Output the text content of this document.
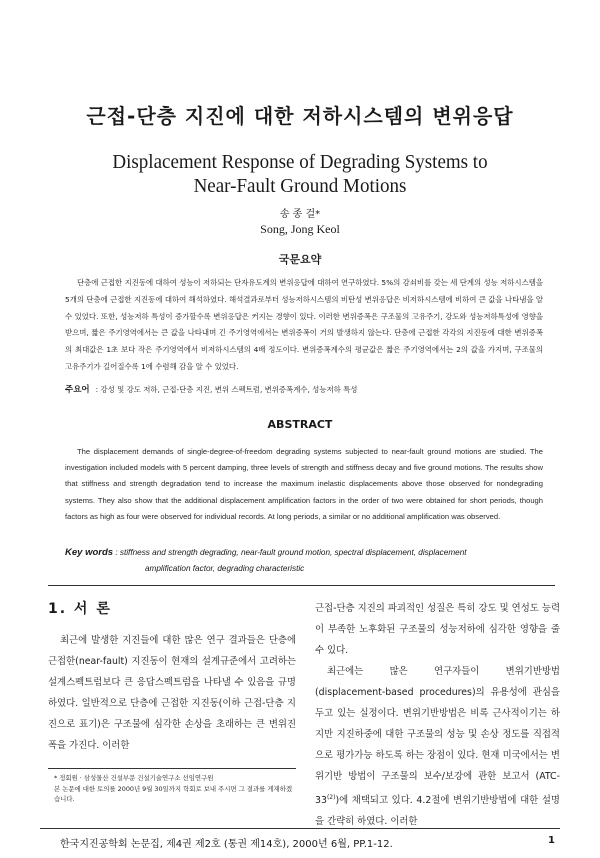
근접-단층 지진에 대한 저하시스템의 변위응답
Displacement Response of Degrading Systems to
Near-Fault Ground Motions
송 종 걸*
Song, Jong Keol
국문요약
단층에 근접한 지진동에 대하여 성능이 저하되는 단자유도계의 변위응답에 대하여 연구하였다. 5%의 감쇠비를 갖는 세 단계의 성능 저하시스템을 5개의 단층에 근접한 지진동에 대하여 해석하였다. 해석결과로부터 성능저하시스템의 비탄성 변위응답은 비저하시스템에 비하여 큰 값을 나타냄을 알 수 있었다. 또한, 성능저하 특성이 증가할수록 변위응답은 커지는 경향이 있다. 이러한 변위증폭은 구조물의 고유주기, 강도와 성능저하특성에 영향을 받으며, 짧은 주기영역에서는 큰 값을 나타내며 긴 주기영역에서는 변위증폭이 거의 발생하지 않는다. 단층에 근접한 각각의 지진동에 대한 변위증폭의 최대값은 1초 보다 작은 주기영역에서 비저하시스템의 4배 정도이다. 변위증폭계수의 평균값은 짧은 주기영역에서는 2의 값을 가지며, 구조물의 고유주기가 길어질수록 1에 수렴해 감을 알 수 있었다.
주요어 : 강성 및 강도 저하, 근접-단층 지진, 변위 스펙트럼, 변위증폭계수, 성능저하 특성
ABSTRACT
The displacement demands of single-degree-of-freedom degrading systems subjected to near-fault ground motions are studied. The investigation included models with 5 percent damping, three levels of strength and stiffness decay and five ground motions. The results show that stiffness and strength degradation tend to increase the maximum inelastic displacements above those observed for nondegrading systems. They also show that the additional displacement amplification factors in the order of two were obtained for short periods, though factors as high as four were observed for individual records. At long periods, a similar or no additional amplification was observed.
Key words : stiffness and strength degrading, near-fault ground motion, spectral displacement, displacement
amplification factor, degrading characteristic
1. 서 론

최근에 발생한 지진들에 대한 많은 연구 결과들은 단층에 근접한(near-fault) 지진동이 현재의 설계규준에서 고려하는 설계스펙트럼보다 큰 응답스펙트럼을 나타낼 수 있음을 규명하였다. 일반적으로 단층에 근접한 지진동(이하 근접-단층 지진으로 표기)은 구조물에 심각한 손상을 초래하는 큰 변위진폭을 가진다. 이러한

근접-단층 지진의 파괴적인 성질은 특히 강도 및 연성도 능력이 부족한 노후화된 구조물의 성능저하에 심각한 영향을 줄 수 있다.

최근에는 많은 연구자들이 변위기반방법(displacement-based procedures)의 유용성에 관심을 두고 있는 실정이다. 변위기반방법은 비록 근사적이기는 하지만 지진하중에 대한 구조물의 성능 및 손상 정도를 직접적으로 평가가능 하도록 하는 장점이 있다. 현재 미국에서는 변위기반 방법이 구조물의 보수/보강에 관한 보고서 (ATC-33$^{(2)}$)에 채택되고 있다. 4.2절에 변위기반방법에 대한 설명을 간략히 하였다. 이러한

* 정회원 · 삼성물산 건설부문 건설기술연구소 선임연구원

본 논문에 대한 토의를 2000년 9월 30일까지 학회로 보내 주시면 그 결과를 게재하겠습니다.

한국지진공학회 논문집, 제4권 제2호 (통권 제14호), 2000년 6월, PP.1-12.	1
